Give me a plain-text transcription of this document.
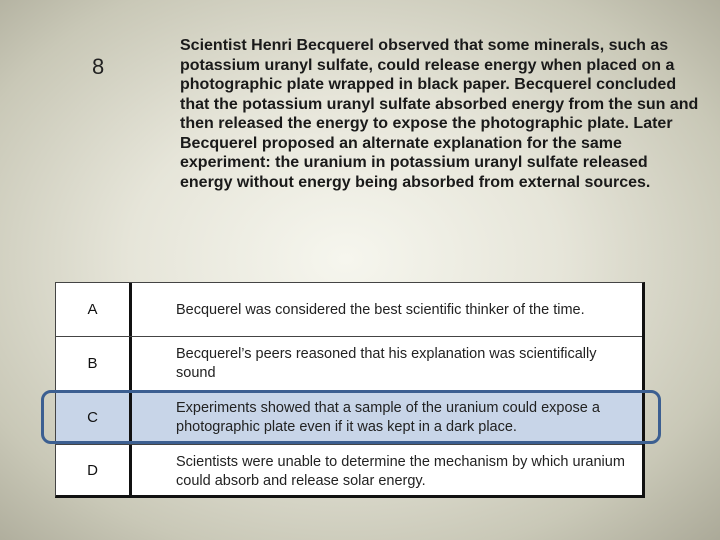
8

Scientist Henri Becquerel observed that some minerals, such as potassium uranyl sulfate, could release energy when placed on a photographic plate wrapped in black paper. Becquerel concluded that the potassium uranyl sulfate absorbed energy from the sun and then released the energy to expose the photographic plate. Later Becquerel proposed an alternate explanation for the same experiment: the uranium in potassium uranyl sulfate released energy without energy being absorbed from external sources.

A	Becquerel was considered the best scientific thinker of the time.
B
Becquerel’s peers reasoned that his explanation was scientifically sound
C
Experiments showed that a sample of the uranium could expose a photographic plate even if it was kept in a dark place.
D	Scientists were unable to determine the mechanism by which uranium could absorb and release solar energy.
